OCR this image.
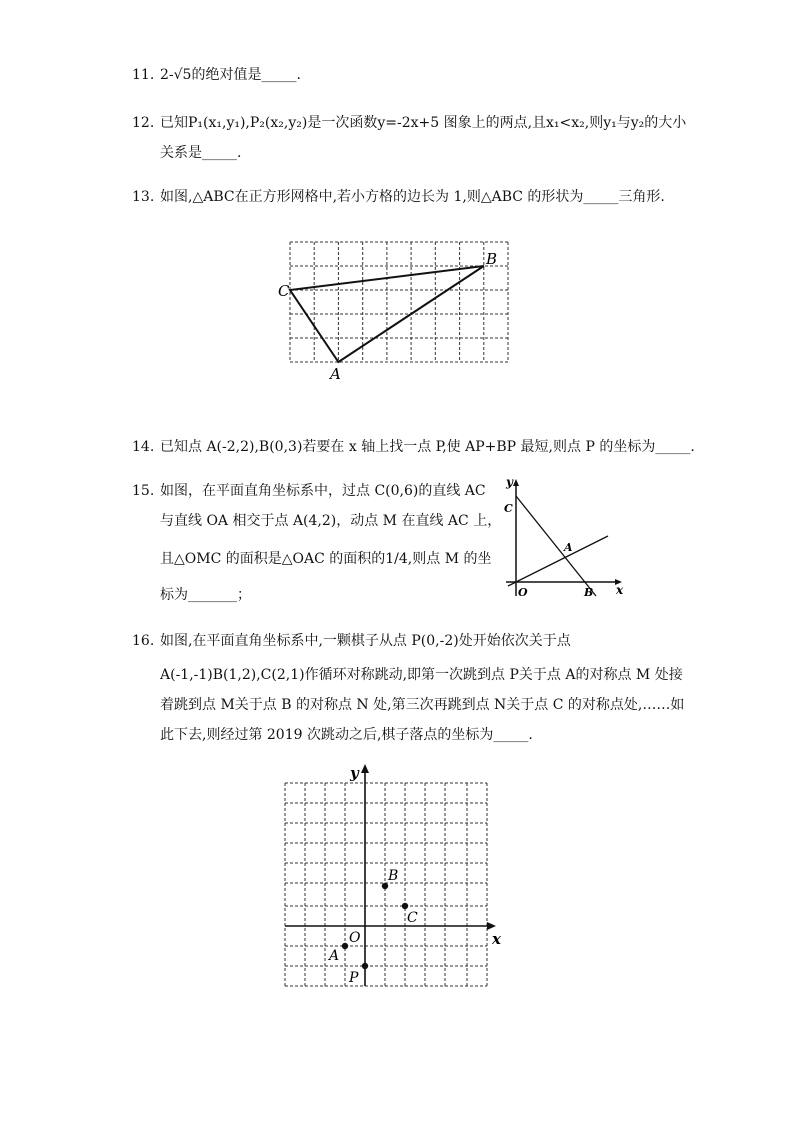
11. 2-√5的绝对值是_____.
12. 已知P₁(x₁,y₁),P₂(x₂,y₂)是一次函数y=-2x+5 图象上的两点,且x₁<x₂,则y₁与y₂的大小
关系是_____.
13. 如图,△ABC在正方形网格中,若小方格的边长为 1,则△ABC 的形状为_____三角形.
A
B
C
14. 已知点 A(-2,2),B(0,3)若要在 x 轴上找一点 P,使 AP+BP 最短,则点 P 的坐标为_____.
15. 如图，在平面直角坐标系中，过点 C(0,6)的直线 AC
与直线 OA 相交于点 A(4,2)，动点 M 在直线 AC 上，
且△OMC 的面积是△OAC 的面积的1/4,则点 M 的坐
标为_______；
y
x
C
A
O	B
16. 如图,在平面直角坐标系中,一颗棋子从点 P(0,-2)处开始依次关于点
A(-1,-1)B(1,2),C(2,1)作循环对称跳动,即第一次跳到点 P关于点 A的对称点 M 处接
着跳到点 M关于点 B 的对称点 N 处,第三次再跳到点 N关于点 C 的对称点处,……如
此下去,则经过第 2019 次跳动之后,棋子落点的坐标为_____.
y
x
B
C
O
A
P
